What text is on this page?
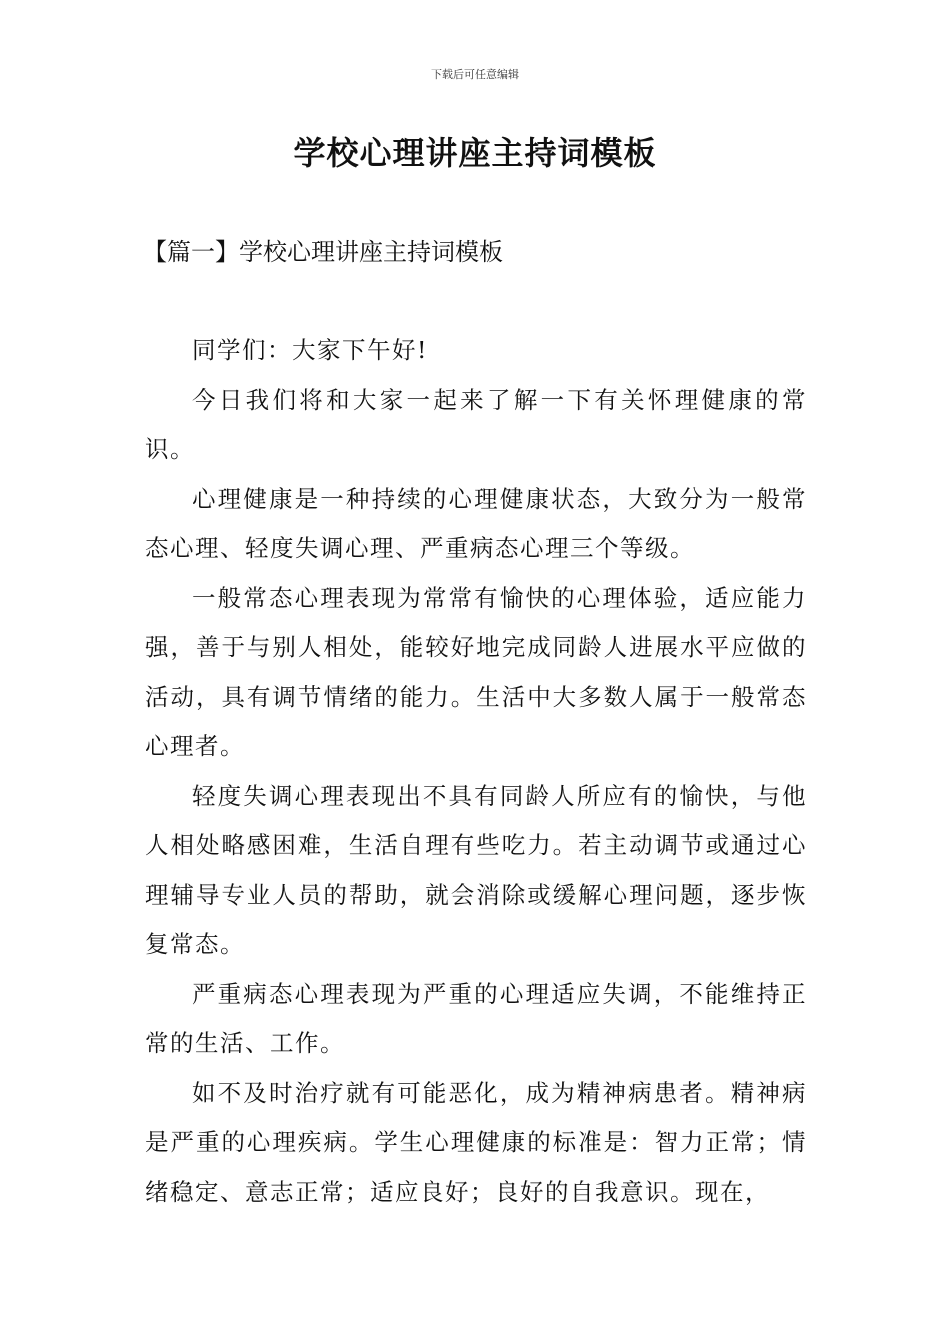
下载后可任意编辑
学校心理讲座主持词模板
【篇一】学校心理讲座主持词模板

同学们：大家下午好!

今日我们将和大家一起来了解一下有关怀理健康的常识。

心理健康是一种持续的心理健康状态，大致分为一般常态心理、轻度失调心理、严重病态心理三个等级。

一般常态心理表现为常常有愉快的心理体验，适应能力强，善于与别人相处，能较好地完成同龄人进展水平应做的活动，具有调节情绪的能力。生活中大多数人属于一般常态心理者。

轻度失调心理表现出不具有同龄人所应有的愉快，与他人相处略感困难，生活自理有些吃力。若主动调节或通过心理辅导专业人员的帮助，就会消除或缓解心理问题，逐步恢复常态。

严重病态心理表现为严重的心理适应失调，不能维持正常的生活、工作。

如不及时治疗就有可能恶化，成为精神病患者。精神病是严重的心理疾病。学生心理健康的标准是：智力正常；情绪稳定、意志正常；适应良好；良好的自我意识。现在，
